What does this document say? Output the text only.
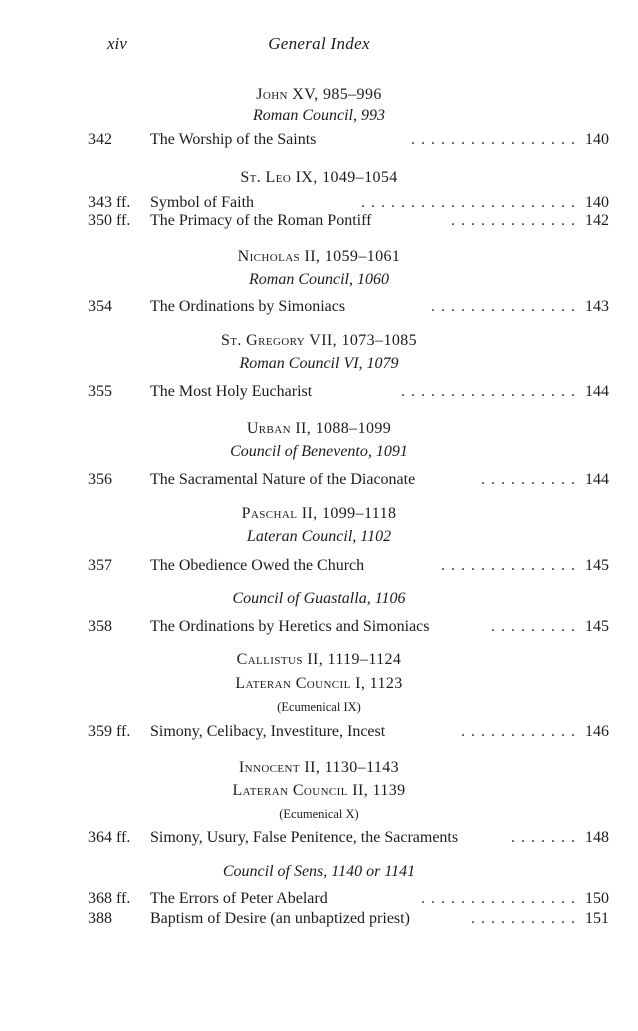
xiv	General Index
John XV, 985–996
Roman Council, 993
342 The Worship of the Saints	................. 140
St. Leo IX, 1049–1054
343 ff. Symbol of Faith	...................... 140
350 ff. The Primacy of the Roman Pontiff	............. 142
Nicholas II, 1059–1061
Roman Council, 1060
354 The Ordinations by Simoniacs	............... 143
St. Gregory VII, 1073–1085
Roman Council VI, 1079
355 The Most Holy Eucharist	.................. 144
Urban II, 1088–1099
Council of Benevento, 1091
356 The Sacramental Nature of the Diaconate	.......... 144
Paschal II, 1099–1118
Lateran Council, 1102
357 The Obedience Owed the Church	.............. 145
Council of Guastalla, 1106
358 The Ordinations by Heretics and Simoniacs	......... 145
Callistus II, 1119–1124
Lateran Council I, 1123
(Ecumenical IX)
359 ff. Simony, Celibacy, Investiture, Incest	............ 146
Innocent II, 1130–1143
Lateran Council II, 1139
(Ecumenical X)
364 ff. Simony, Usury, False Penitence, the Sacraments	....... 148
Council of Sens, 1140 or 1141
368 ff. The Errors of Peter Abelard	................ 150
388 Baptism of Desire (an unbaptized priest)	........... 151
